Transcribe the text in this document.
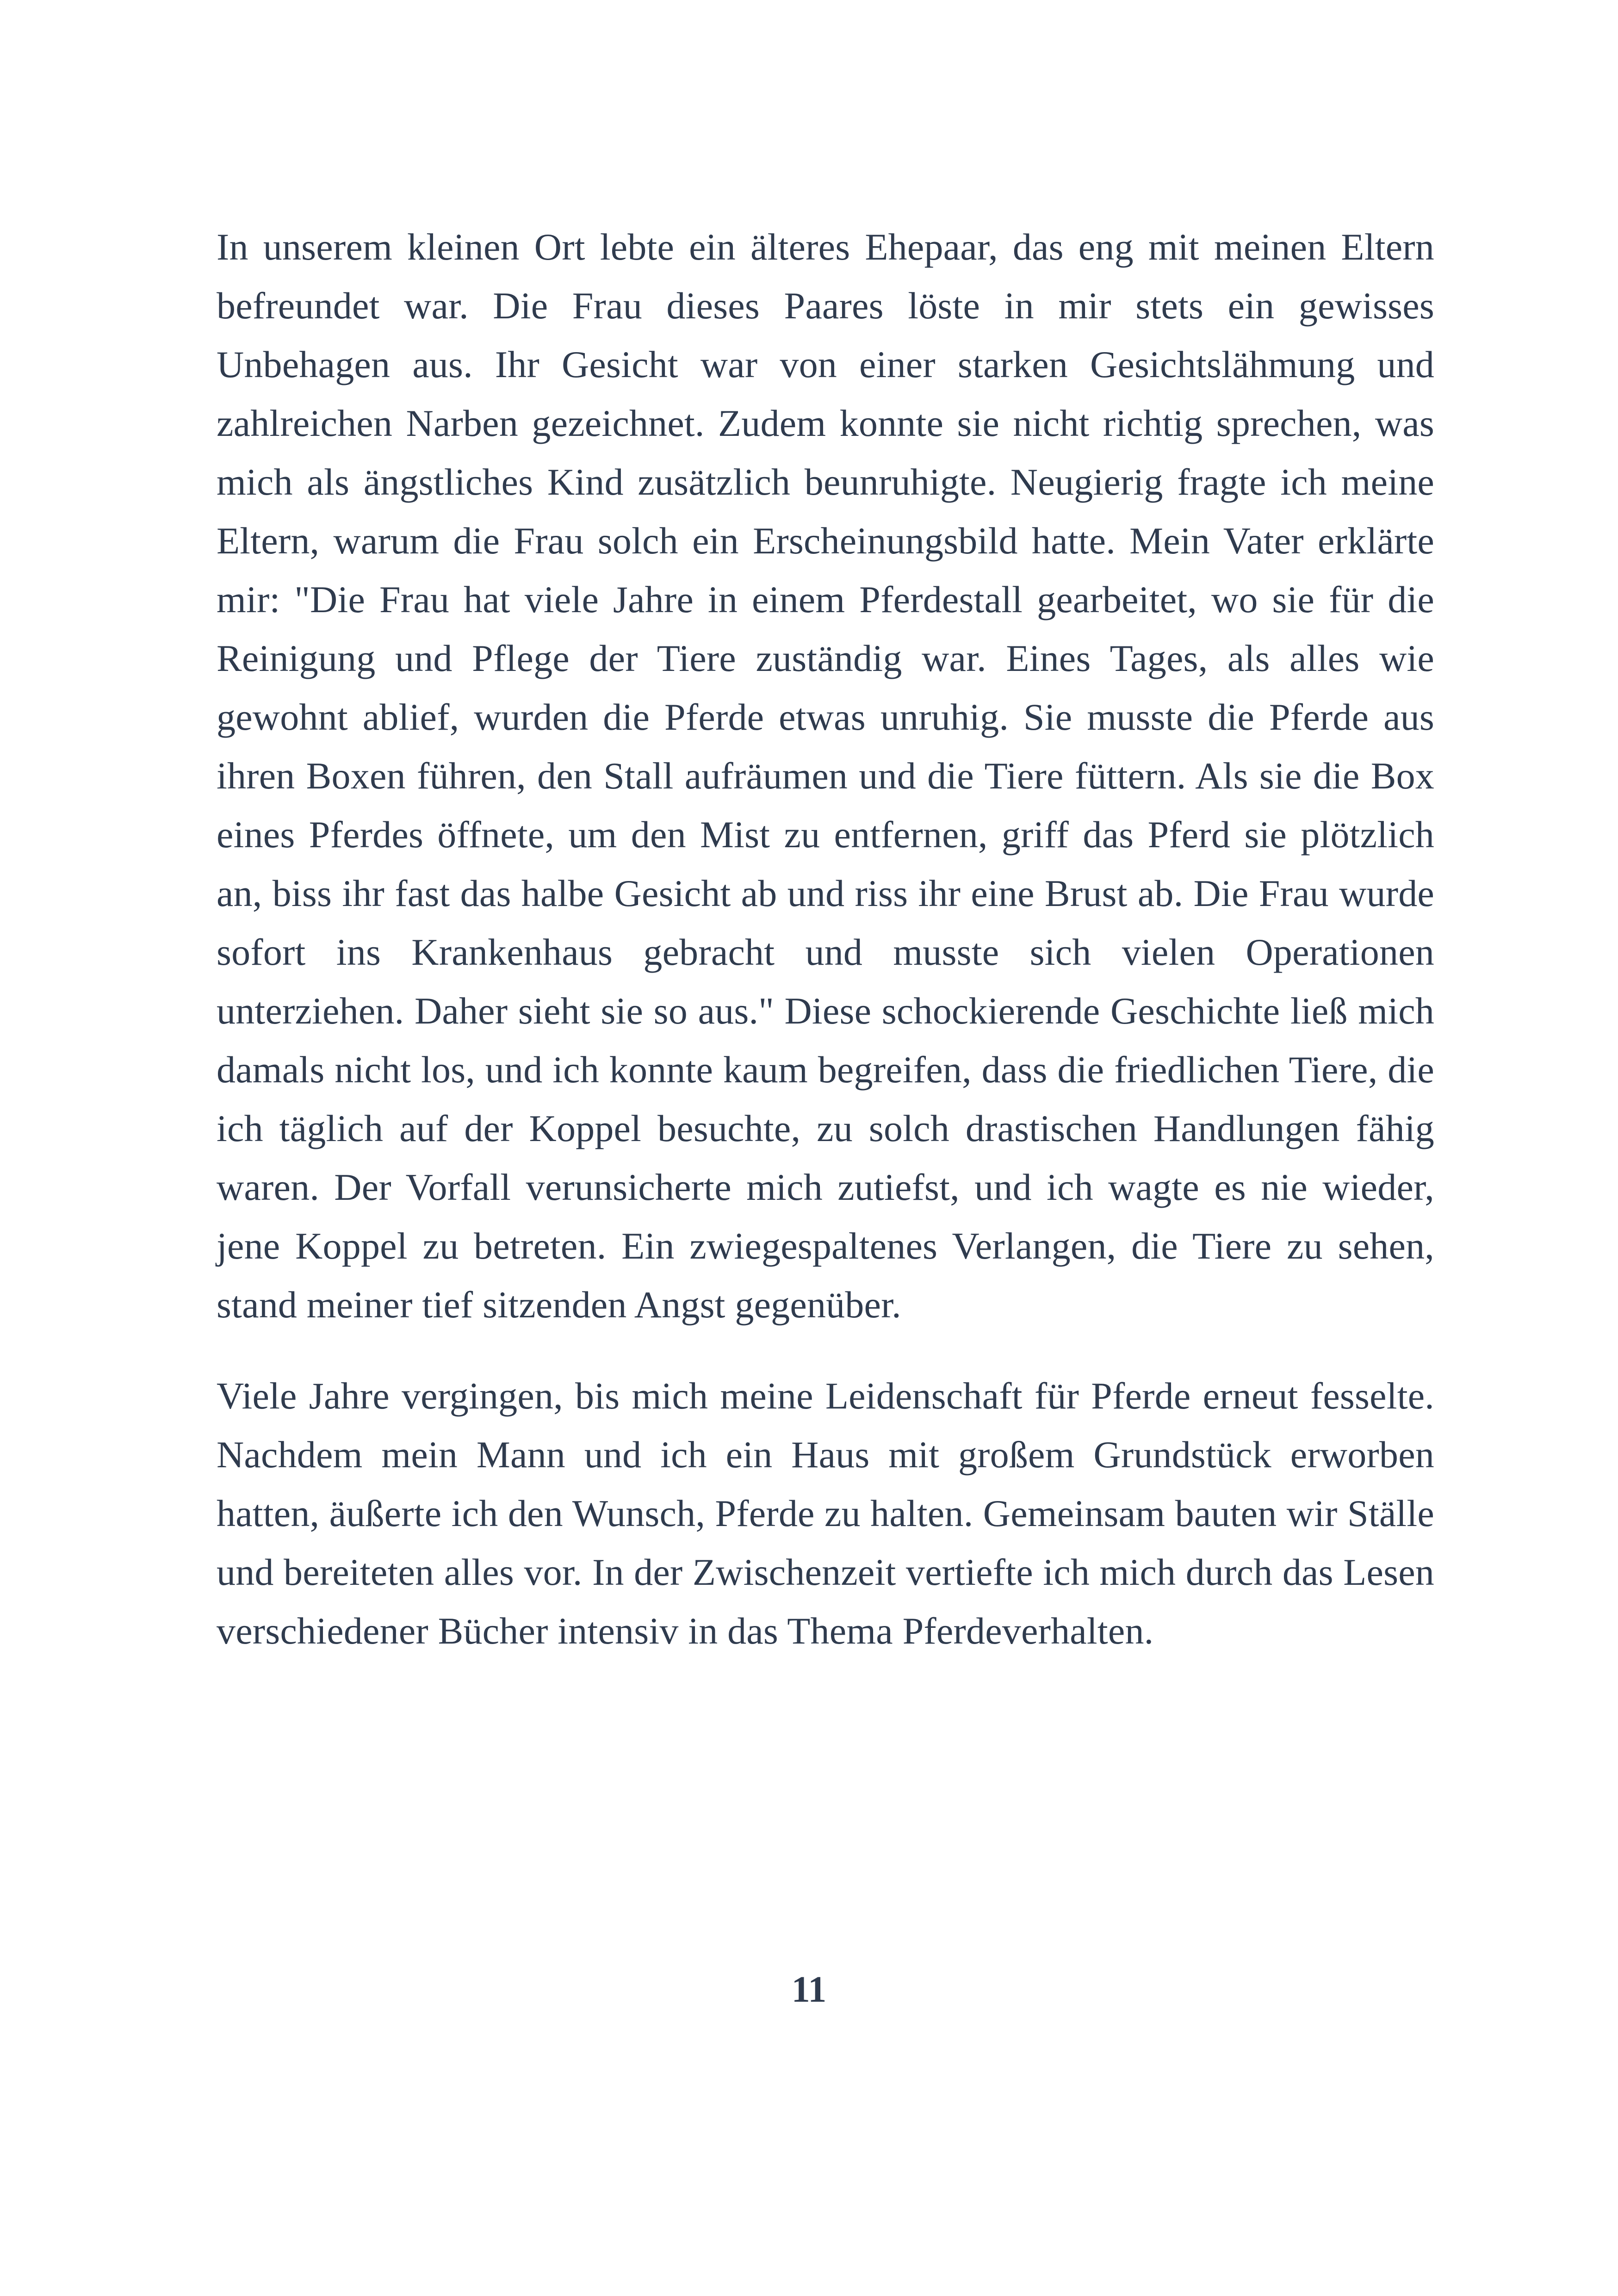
In unserem kleinen Ort lebte ein älteres Ehepaar, das eng mit meinen Eltern befreundet war. Die Frau dieses Paares löste in mir stets ein gewisses Unbehagen aus. Ihr Gesicht war von einer starken Gesichtslähmung und zahlreichen Narben gezeichnet. Zudem konnte sie nicht richtig sprechen, was mich als ängstliches Kind zusätzlich beunruhigte. Neugierig fragte ich meine Eltern, warum die Frau solch ein Erscheinungsbild hatte. Mein Vater erklärte mir: "Die Frau hat viele Jahre in einem Pferdestall gearbeitet, wo sie für die Reinigung und Pflege der Tiere zuständig war. Eines Tages, als alles wie gewohnt ablief, wurden die Pferde etwas unruhig. Sie musste die Pferde aus ihren Boxen führen, den Stall aufräumen und die Tiere füttern. Als sie die Box eines Pferdes öffnete, um den Mist zu entfernen, griff das Pferd sie plötzlich an, biss ihr fast das halbe Gesicht ab und riss ihr eine Brust ab. Die Frau wurde sofort ins Krankenhaus gebracht und musste sich vielen Operationen unterziehen. Daher sieht sie so aus." Diese schockierende Geschichte ließ mich damals nicht los, und ich konnte kaum begreifen, dass die friedlichen Tiere, die ich täglich auf der Koppel besuchte, zu solch drastischen Handlungen fähig waren. Der Vorfall verunsicherte mich zutiefst, und ich wagte es nie wieder, jene Koppel zu betreten. Ein zwiegespaltenes Verlangen, die Tiere zu sehen, stand meiner tief sitzenden Angst gegenüber.

Viele Jahre vergingen, bis mich meine Leidenschaft für Pferde erneut fesselte. Nachdem mein Mann und ich ein Haus mit großem Grundstück erworben hatten, äußerte ich den Wunsch, Pferde zu halten. Gemeinsam bauten wir Ställe und bereiteten alles vor. In der Zwischenzeit vertiefte ich mich durch das Lesen verschiedener Bücher intensiv in das Thema Pferdeverhalten.

11
